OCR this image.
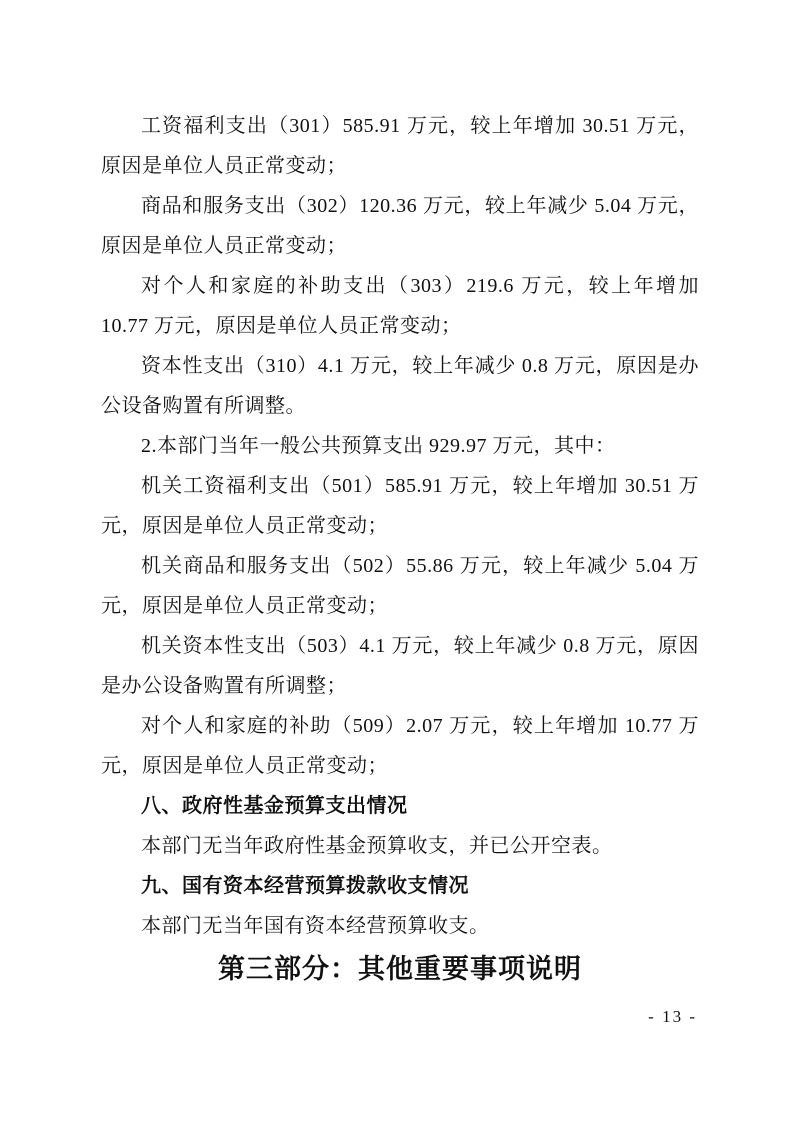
工资福利支出（301）585.91 万元，较上年增加 30.51 万元，原因是单位人员正常变动；

商品和服务支出（302）120.36 万元，较上年减少 5.04 万元，原因是单位人员正常变动；

对个人和家庭的补助支出（303）219.6 万元，较上年增加 10.77 万元，原因是单位人员正常变动；

资本性支出（310）4.1 万元，较上年减少 0.8 万元，原因是办公设备购置有所调整。

2.本部门当年一般公共预算支出 929.97 万元，其中：

机关工资福利支出（501）585.91 万元，较上年增加 30.51 万元，原因是单位人员正常变动；

机关商品和服务支出（502）55.86 万元，较上年减少 5.04 万元，原因是单位人员正常变动；

机关资本性支出（503）4.1 万元，较上年减少 0.8 万元，原因是办公设备购置有所调整；

对个人和家庭的补助（509）2.07 万元，较上年增加 10.77 万元，原因是单位人员正常变动；

八、政府性基金预算支出情况

本部门无当年政府性基金预算收支，并已公开空表。

九、国有资本经营预算拨款收支情况

本部门无当年国有资本经营预算收支。

第三部分：其他重要事项说明

- 13 -
